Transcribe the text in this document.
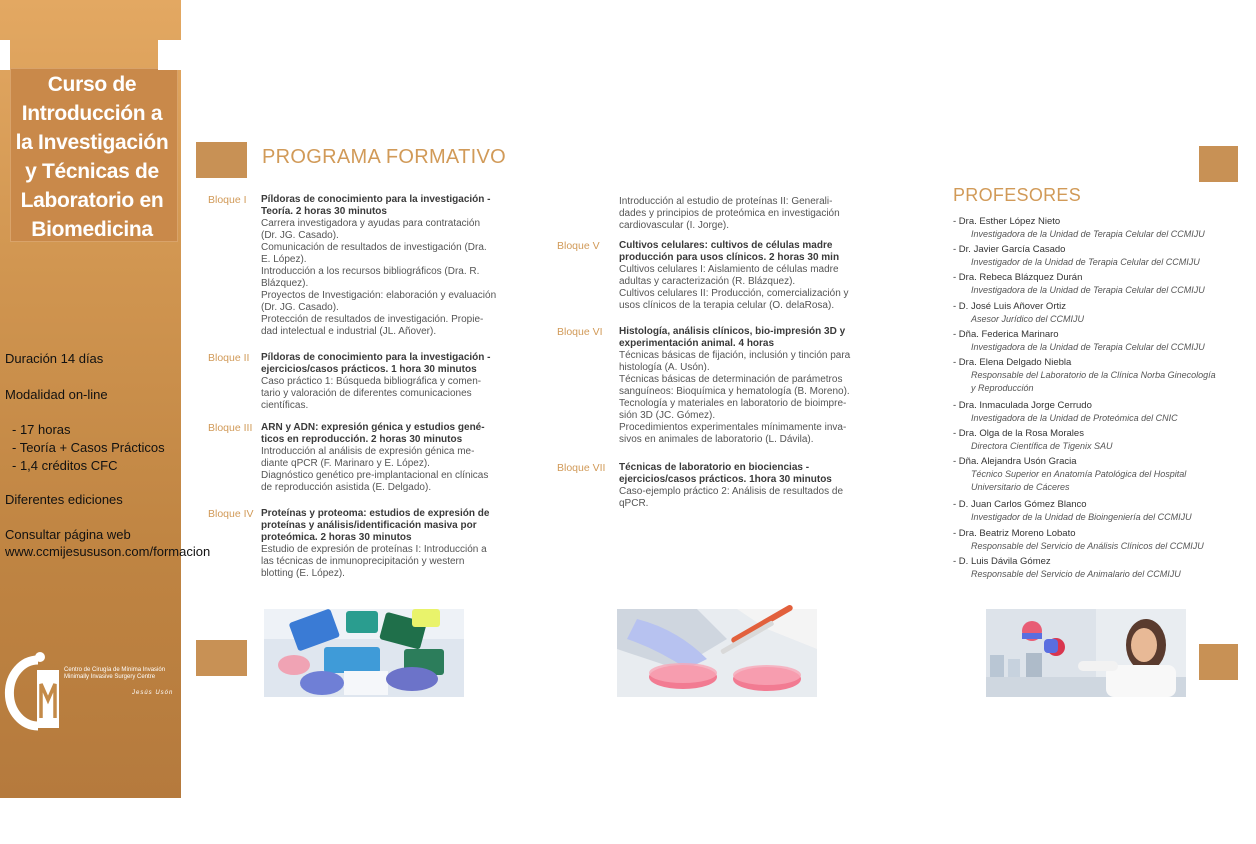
Curso de
Introducción a
la Investigación
y Técnicas de
Laboratorio en
Biomedicina
Duración 14 días
Modalidad on-line
- 17 horas
- Teoría + Casos Prácticos
- 1,4 créditos CFC
Diferentes ediciones
Consultar página web
www.ccmijesususon.com/formacion
Centro de Cirugía de Mínima Invasión
Minimally Invasive Surgery Centre
Jesús Usón
PROGRAMA FORMATIVO
PROFESORES
Bloque I Píldoras de conocimiento para la investigación -
Teoría. 2 horas 30 minutos
Carrera investigadora y ayudas para contratación
(Dr. JG. Casado).
Comunicación de resultados de investigación (Dra.
E. López).
Introducción a los recursos bibliográficos (Dra. R.
Blázquez).
Proyectos de Investigación: elaboración y evaluación
(Dr. JG. Casado).
Protección de resultados de investigación. Propie-
dad intelectual e industrial (JL. Añover).
Bloque II Píldoras de conocimiento para la investigación -
ejercicios/casos prácticos. 1 hora 30 minutos
Caso práctico 1: Búsqueda bibliográfica y comen-
tario y valoración de diferentes comunicaciones
científicas.
Bloque III ARN y ADN: expresión génica y estudios gené-
ticos en reproducción. 2 horas 30 minutos
Introducción al análisis de expresión génica me-
diante qPCR (F. Marinaro y E. López).
Diagnóstico genético pre-implantacional en clínicas
de reproducción asistida (E. Delgado).
Bloque IV Proteínas y proteoma: estudios de expresión de
proteínas y análisis/identificación masiva por
proteómica. 2 horas 30 minutos
Estudio de expresión de proteínas I: Introducción a
las técnicas de inmunoprecipitación y western
blotting (E. López).
Introducción al estudio de proteínas II: Generali-
dades y principios de proteómica en investigación
cardiovascular (I. Jorge).
Bloque V Cultivos celulares: cultivos de células madre
producción para usos clínicos. 2 horas 30 min
Cultivos celulares I: Aislamiento de células madre
adultas y caracterización (R. Blázquez).
Cultivos celulares II: Producción, comercialización y
usos clínicos de la terapia celular (O. delaRosa).
Bloque VI Histología, análisis clínicos, bio-impresión 3D y
experimentación animal. 4 horas
Técnicas básicas de fijación, inclusión y tinción para
histología (A. Usón).
Técnicas básicas de determinación de parámetros
sanguíneos: Bioquímica y hematología (B. Moreno).
Tecnología y materiales en laboratorio de bioimpre-
sión 3D (JC. Gómez).
Procedimientos experimentales mínimamente inva-
sivos en animales de laboratorio (L. Dávila).
Bloque VII Técnicas de laboratorio en biociencias -
ejercicios/casos prácticos. 1hora 30 minutos
Caso-ejemplo práctico 2: Análisis de resultados de
qPCR.
- Dra. Esther López Nieto
Investigadora de la Unidad de Terapia Celular del CCMIJU
- Dr. Javier García Casado
Investigador de la Unidad de Terapia Celular del CCMIJU
- Dra. Rebeca Blázquez Durán
Investigadora de la Unidad de Terapia Celular del CCMIJU
- D. José Luis Añover Ortiz
Asesor Jurídico del CCMIJU
- Dña. Federica Marinaro
Investigadora de la Unidad de Terapia Celular del CCMIJU
- Dra. Elena Delgado Niebla
Responsable del Laboratorio de la Clínica Norba Ginecología
y Reproducción
- Dra. Inmaculada Jorge Cerrudo
Investigadora de la Unidad de Proteómica del CNIC
- Dra. Olga de la Rosa Morales
Directora Científica de Tigenix SAU
- Dña. Alejandra Usón Gracia
Técnico Superior en Anatomía Patológica del Hospital
Universitario de Cáceres
- D. Juan Carlos Gómez Blanco
Investigador de la Unidad de Bioingeniería del CCMIJU
- Dra. Beatriz Moreno Lobato
Responsable del Servicio de Análisis Clínicos del CCMIJU
- D. Luis Dávila Gómez
Responsable del Servicio de Animalario del CCMIJU
